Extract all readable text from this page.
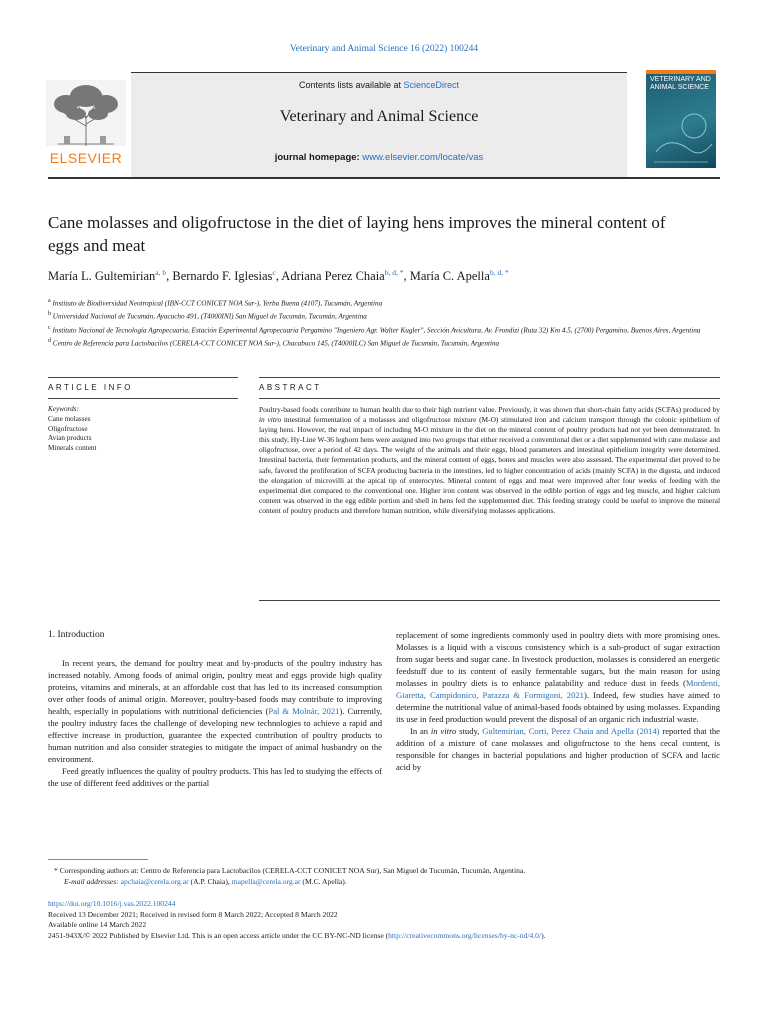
Veterinary and Animal Science 16 (2022) 100244
ELSEVIER
Contents lists available at ScienceDirect
Veterinary and Animal Science
journal homepage: www.elsevier.com/locate/vas
VETERINARY AND ANIMAL SCIENCE
Cane molasses and oligofructose in the diet of laying hens improves the mineral content of eggs and meat
María L. Gultemirian$^{a, b}$, Bernardo F. Iglesias$^c$, Adriana Perez Chaia$^{b, d, *}$, María C. Apella$^{b, d, *}$
$^a$ Instituto de Biodiversidad Neotropical (IBN-CCT CONICET NOA Sur-), Yerba Buena (4107), Tucumán, Argentina
$^b$ Universidad Nacional de Tucumán, Ayacucho 491, (T4000INI) San Miguel de Tucumán, Tucumán, Argentina
$^c$ Instituto Nacional de Tecnología Agropecuaria, Estación Experimental Agropecuaria Pergamino "Ingeniero Agr. Walter Kugler", Sección Avicultura, Av. Frondizi (Ruta 32) Km 4.5, (2700) Pergamino, Buenos Aires, Argentina
$^d$ Centro de Referencia para Lactobacilos (CERELA-CCT CONICET NOA Sur-), Chacabuco 145, (T4000ILC) San Miguel de Tucumán, Tucumán, Argentina
ARTICLE INFO	ABSTRACT
Keywords:
Cane molasses
Oligofructose
Avian products
Minerals content
Poultry-based foods contribute to human health due to their high nutrient value. Previously, it was shown that short-chain fatty acids (SCFAs) produced by in vitro intestinal fermentation of a molasses and oligofructose mixture (M-O) stimulated iron and calcium transport through the colonic epithelium of laying hens. However, the real impact of including M-O mixture in the diet on the mineral content of poultry products had not yet been demonstrated. In this study, Hy-Line W-36 leghorn hens were assigned into two groups that either received a conventional diet or a diet supplemented with cane molasse and oligofructose, over a period of 42 days. The weight of the animals and their eggs, blood parameters and intestinal epithelium integrity were determined. Intestinal bacteria, their fermentation products, and the mineral content of eggs, bones and muscles were also assessed. The experimental diet proved to be safe, favored the proliferation of SCFA producing bacteria in the intestines, led to higher concentration of acids (mainly SCFA) in the digesta, and induced the elongation of microvilli at the apical tip of enterocytes. Mineral content of eggs and meat were improved after four weeks of feeding with the experimental diet compared to the conventional one. Higher iron content was observed in the edible portion of eggs and leg muscle, and higher calcium content was observed in the egg edible portion and shell in hens fed the supplemented diet. This feeding strategy could be useful to improve the mineral content of poultry products and therefore human nutrition, while diversifying molasses applications.
1. Introduction

In recent years, the demand for poultry meat and by-products of the poultry industry has increased notably. Among foods of animal origin, poultry meat and eggs provide high quality proteins, vitamins and minerals, at an affordable cost that has led to its increased consumption over other foods of animal origin. Moreover, poultry-based foods may contribute to improving health, especially in populations with nutritional deficiencies (Pal & Molnár, 2021). Currently, the poultry industry faces the challenge of developing new technologies to achieve a rapid and effective increase in production, guarantee the expected contribution of poultry products to human nutrition and also consider strategies to mitigate the impact of animal husbandry on the environment.

Feed greatly influences the quality of poultry products. This has led to studying the effects of the use of different feed additives or the partial

replacement of some ingredients commonly used in poultry diets with more promising ones. Molasses is a liquid with a viscous consistency which is a sub-product of sugar extraction from sugar beets and sugar cane. In livestock production, molasses is considered an energetic feedstuff due to its content of easily fermentable sugars, but the main reason for using molasses in poultry diets is to enhance palatability and reduce dust in feeds (Mordenti, Giaretta, Campidonico, Parazza & Formigoni, 2021). Indeed, few studies have aimed to determine the nutritional value of animal-based foods obtained by using molasses. Expanding its use in feed production would prevent the disposal of an organic rich industrial waste.

In an in vitro study, Gultemirian, Corti, Perez Chaia and Apella (2014) reported that the addition of a mixture of cane molasses and oligofructose to the hens cecal content, is responsible for changes in bacterial populations and higher production of SCFA and lactic acid by

* Corresponding authors at: Centro de Referencia para Lactobacilos (CERELA-CCT CONICET NOA Sur), San Miguel de Tucumán, Tucumán, Argentina.
E-mail addresses: apchaia@cerela.org.ar (A.P. Chaia), mapella@cerela.org.ar (M.C. Apella).
https://doi.org/10.1016/j.vas.2022.100244
Received 13 December 2021; Received in revised form 8 March 2022; Accepted 8 March 2022
Available online 14 March 2022
2451-943X/© 2022 Published by Elsevier Ltd. This is an open access article under the CC BY-NC-ND license (http://creativecommons.org/licenses/by-nc-nd/4.0/).
